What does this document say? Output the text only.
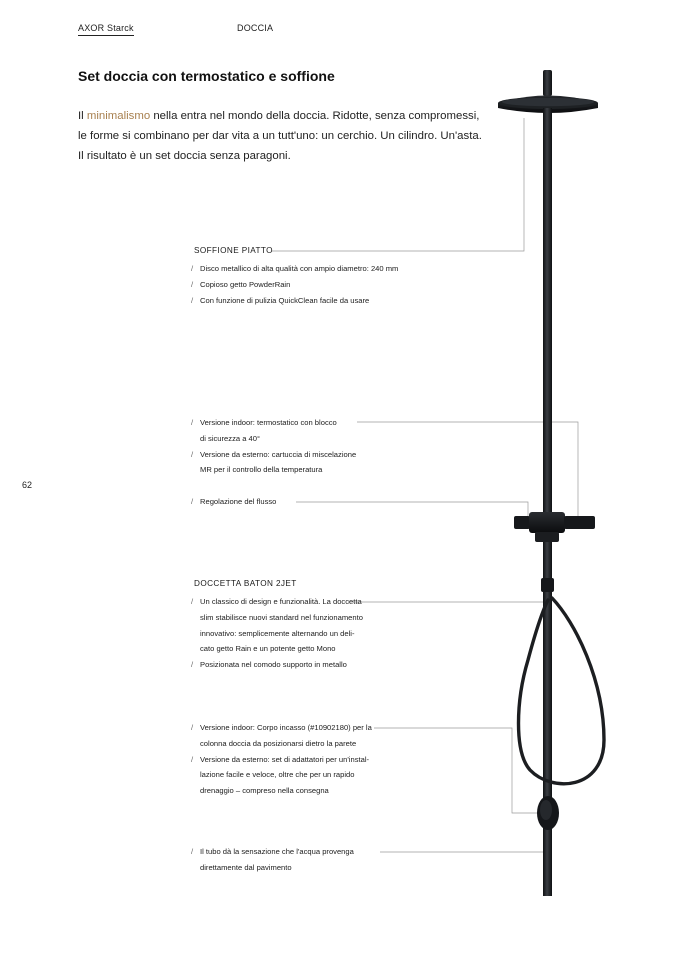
AXOR Starck	DOCCIA
Set doccia con termostatico e soffione

Il minimalismo nella entra nel mondo della doccia. Ridotte, senza compromessi,
le forme si combinano per dar vita a un tutt'uno: un cerchio. Un cilindro. Un'asta.
Il risultato è un set doccia senza paragoni.

62
SOFFIONE PIATTO
/ Disco metallico di alta qualità con ampio diametro: 240 mm
/ Copioso getto PowderRain
/ Con funzione di pulizia QuickClean facile da usare
/ Versione indoor: termostatico con blocco
di sicurezza a 40°
/ Versione da esterno: cartuccia di miscelazione
MR per il controllo della temperatura
/ Regolazione del flusso
DOCCETTA BATON 2JET
/ Un classico di design e funzionalità. La doccetta
slim stabilisce nuovi standard nel funzionamento
innovativo: semplicemente alternando un deli-
cato getto Rain e un potente getto Mono
/ Posizionata nel comodo supporto in metallo
/ Versione indoor: Corpo incasso (#10902180) per la
colonna doccia da posizionarsi dietro la parete
/ Versione da esterno: set di adattatori per un'instal-
lazione facile e veloce, oltre che per un rapido
drenaggio – compreso nella consegna
/ Il tubo dà la sensazione che l'acqua provenga
direttamente dal pavimento
